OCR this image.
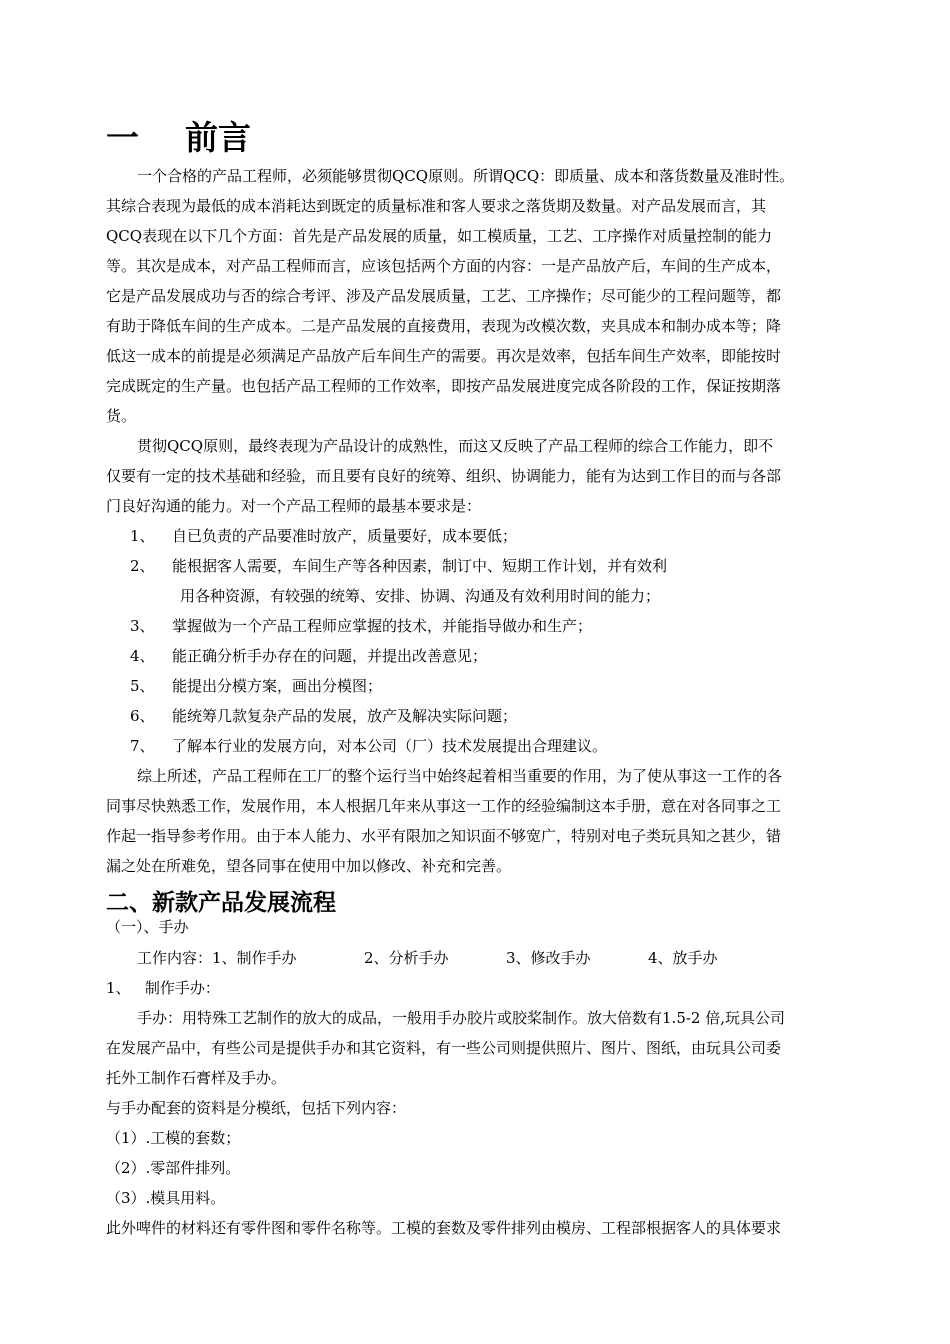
一    前言
一个合格的产品工程师，必须能够贯彻QCQ原则。所谓QCQ：即质量、成本和落货数量及准时性。
其综合表现为最低的成本消耗达到既定的质量标准和客人要求之落货期及数量。对产品发展而言，其
QCQ表现在以下几个方面：首先是产品发展的质量，如工模质量，工艺、工序操作对质量控制的能力
等。其次是成本，对产品工程师而言，应该包括两个方面的内容：一是产品放产后，车间的生产成本，
它是产品发展成功与否的综合考评、涉及产品发展质量，工艺、工序操作；尽可能少的工程问题等，都
有助于降低车间的生产成本。二是产品发展的直接费用，表现为改模次数，夹具成本和制办成本等；降
低这一成本的前提是必须满足产品放产后车间生产的需要。再次是效率，包括车间生产效率，即能按时
完成既定的生产量。也包括产品工程师的工作效率，即按产品发展进度完成各阶段的工作，保证按期落
货。
贯彻QCQ原则，最终表现为产品设计的成熟性，而这又反映了产品工程师的综合工作能力，即不
仅要有一定的技术基础和经验，而且要有良好的统筹、组织、协调能力，能有为达到工作目的而与各部
门良好沟通的能力。对一个产品工程师的最基本要求是：
1、 自已负责的产品要准时放产，质量要好，成本要低；
2、 能根据客人需要，车间生产等各种因素，制订中、短期工作计划，并有效利
用各种资源，有较强的统筹、安排、协调、沟通及有效利用时间的能力；
3、 掌握做为一个产品工程师应掌握的技术，并能指导做办和生产；
4、 能正确分析手办存在的问题，并提出改善意见；
5、 能提出分模方案，画出分模图；
6、 能统筹几款复杂产品的发展，放产及解决实际问题；
7、 了解本行业的发展方向，对本公司（厂）技术发展提出合理建议。
综上所述，产品工程师在工厂的整个运行当中始终起着相当重要的作用，为了使从事这一工作的各
同事尽快熟悉工作，发展作用，本人根据几年来从事这一工作的经验编制这本手册，意在对各同事之工
作起一指导参考作用。由于本人能力、水平有限加之知识面不够宽广，特别对电子类玩具知之甚少，错
漏之处在所难免，望各同事在使用中加以修改、补充和完善。
二、新款产品发展流程
（一）、手办
工作内容： 1、制作手办	2、分析手办	3、修改手办	4、放手办
1、   制作手办：
手办：用特殊工艺制作的放大的成品，一般用手办胶片或胶桨制作。放大倍数有1.5-2 倍,玩具公司
在发展产品中，有些公司是提供手办和其它资料，有一些公司则提供照片、图片、图纸，由玩具公司委
托外工制作石膏样及手办。
与手办配套的资料是分模纸，包括下列内容：
（1）.工模的套数；
（2）.零部件排列。
（3）.模具用料。
此外啤件的材料还有零件图和零件名称等。工模的套数及零件排列由模房、工程部根据客人的具体要求
